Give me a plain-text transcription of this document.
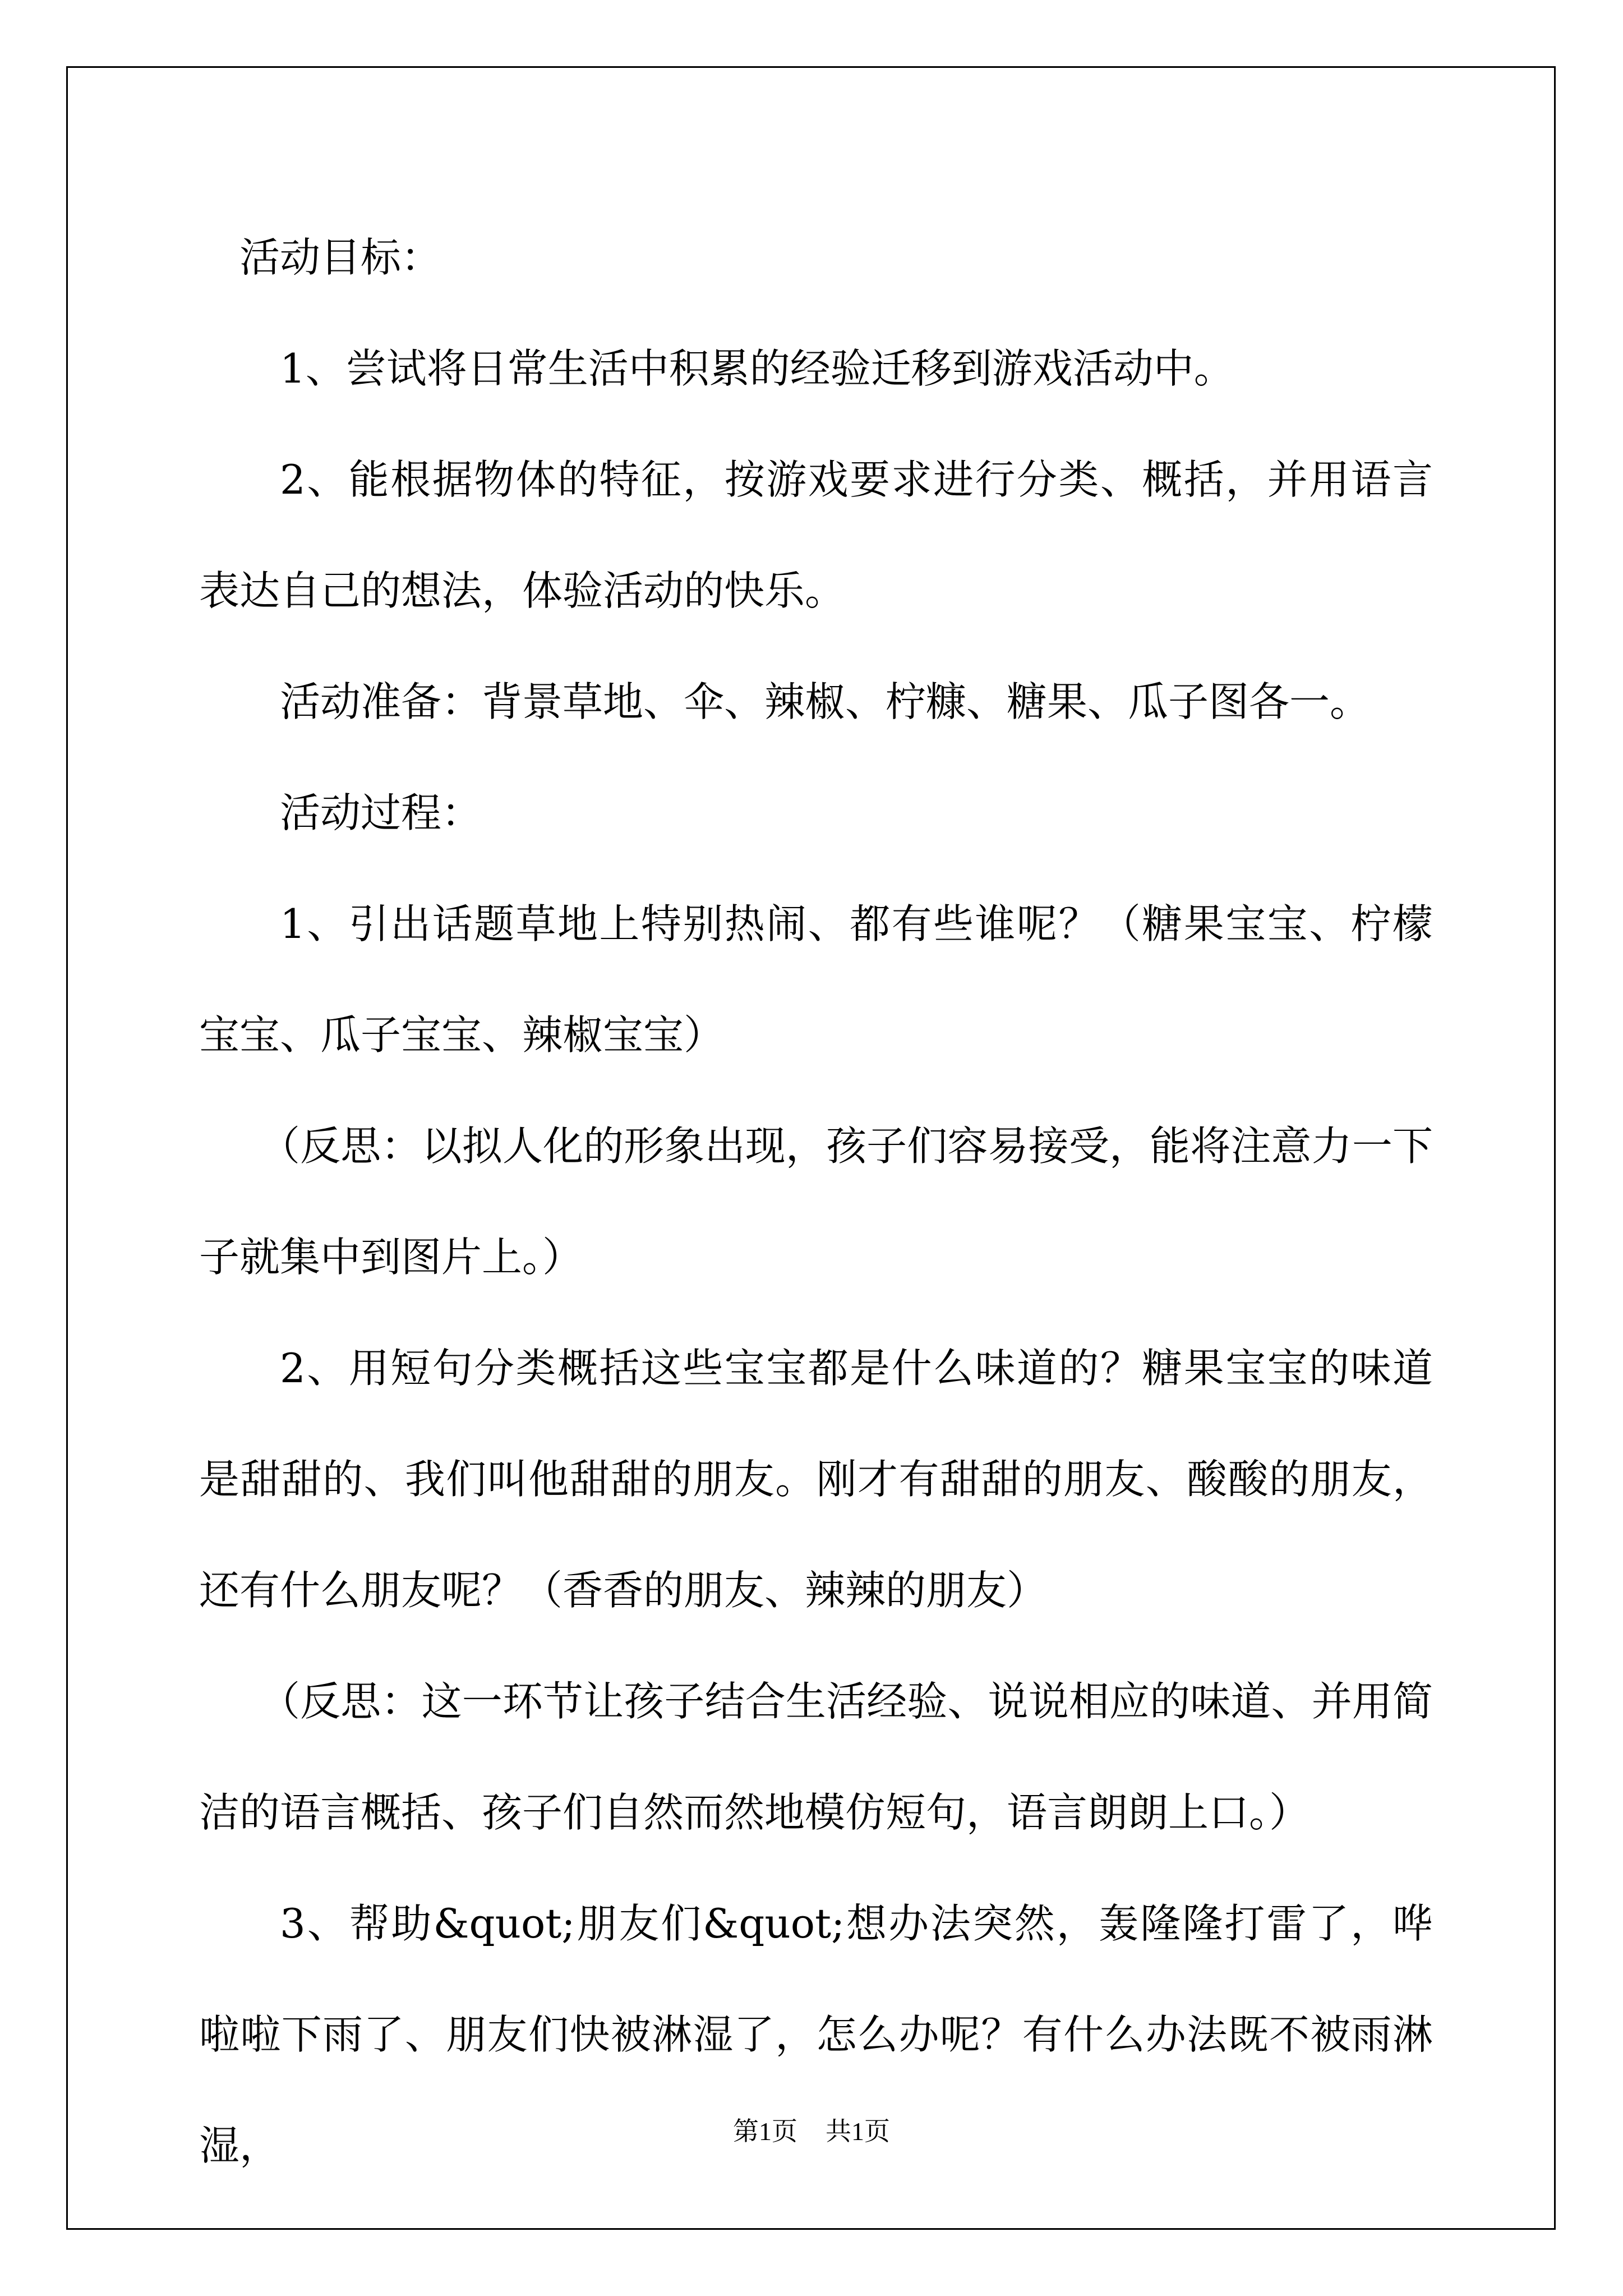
活动目标：

1、尝试将日常生活中积累的经验迁移到游戏活动中。

2、能根据物体的特征，按游戏要求进行分类、概括，并用语言表达自己的想法，体验活动的快乐。

活动准备：背景草地、伞、辣椒、柠糠、糖果、瓜子图各一。

活动过程：

1、引出话题草地上特别热闹、都有些谁呢？（糖果宝宝、柠檬宝宝、瓜子宝宝、辣椒宝宝）

（反思：以拟人化的形象出现，孩子们容易接受，能将注意力一下子就集中到图片上。）

2、用短句分类概括这些宝宝都是什么味道的？糖果宝宝的味道是甜甜的、我们叫他甜甜的朋友。刚才有甜甜的朋友、酸酸的朋友，还有什么朋友呢？（香香的朋友、辣辣的朋友）

（反思：这一环节让孩子结合生活经验、说说相应的味道、并用简洁的语言概括、孩子们自然而然地模仿短句，语言朗朗上口。）

3、帮助&quot;朋友们&quot;想办法突然，轰隆隆打雷了，哗啦啦下雨了、朋友们快被淋湿了，怎么办呢？有什么办法既不被雨淋湿，	第1页 共1页
